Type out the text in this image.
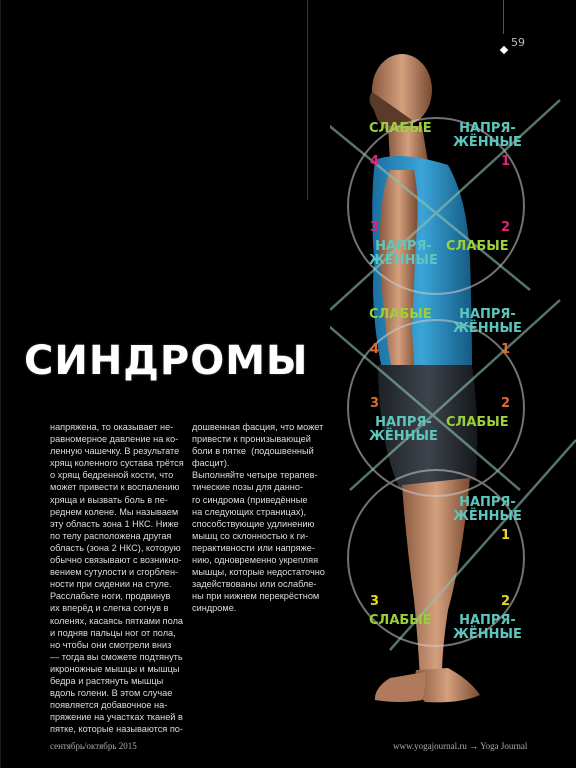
59
СЛАБЫЕ	НАПРЯ-
ЖЁННЫЕ
4	1
3	2
НАПРЯ-
ЖЁННЫЕ
СЛАБЫЕ
СЛАБЫЕ	НАПРЯ-
ЖЁННЫЕ
4	1
3	2
НАПРЯ-
ЖЁННЫЕ
СЛАБЫЕ
НАПРЯ-
ЖЁННЫЕ
1
3	2
СЛАБЫЕ	НАПРЯ-
ЖЁННЫЕ
СИНДРОМЫ
напряжена, то оказывает не-
равномерное давление на ко-
ленную чашечку. В результате
хрящ коленного сустава трётся
о хрящ бедренной кости, что
может привести к воспалению
хряща и вызвать боль в пе-
реднем колене. Мы называем
эту область зона 1 НКС. Ниже
по телу расположена другая
область (зона 2 НКС), которую
обычно связывают с возникно-
вением сутулости и сгорблен-
ности при сидении на стуле.
Расслабьте ноги, продвинув
их вперёд и слегка согнув в
коленях, касаясь пятками пола
и подняв пальцы ног от пола,
но чтобы они смотрели вниз
— тогда вы сможете подтянуть
икроножные мышцы и мышцы
бедра и растянуть мышцы
вдоль голени. В этом случае
появляется добавочное на-
пряжение на участках тканей в
пятке, которые называются по-
дошвенная фасция, что может
привести к пронизывающей
боли в пятке  (подошвенный
фасцит).
Выполняйте четыре терапев-
тические позы для данно-
го синдрома (приведённые
на следующих страницах),
способствующие удлинению
мышц со склонностью к ги-
перактивности или напряже-
нию, одновременно укрепляя
мышцы, которые недостаточно
задействованы или ослабле-
ны при нижнем перекрёстном
синдроме.
сентябрь/октябрь 2015	www.yogajournal.ru → Yoga Journal
